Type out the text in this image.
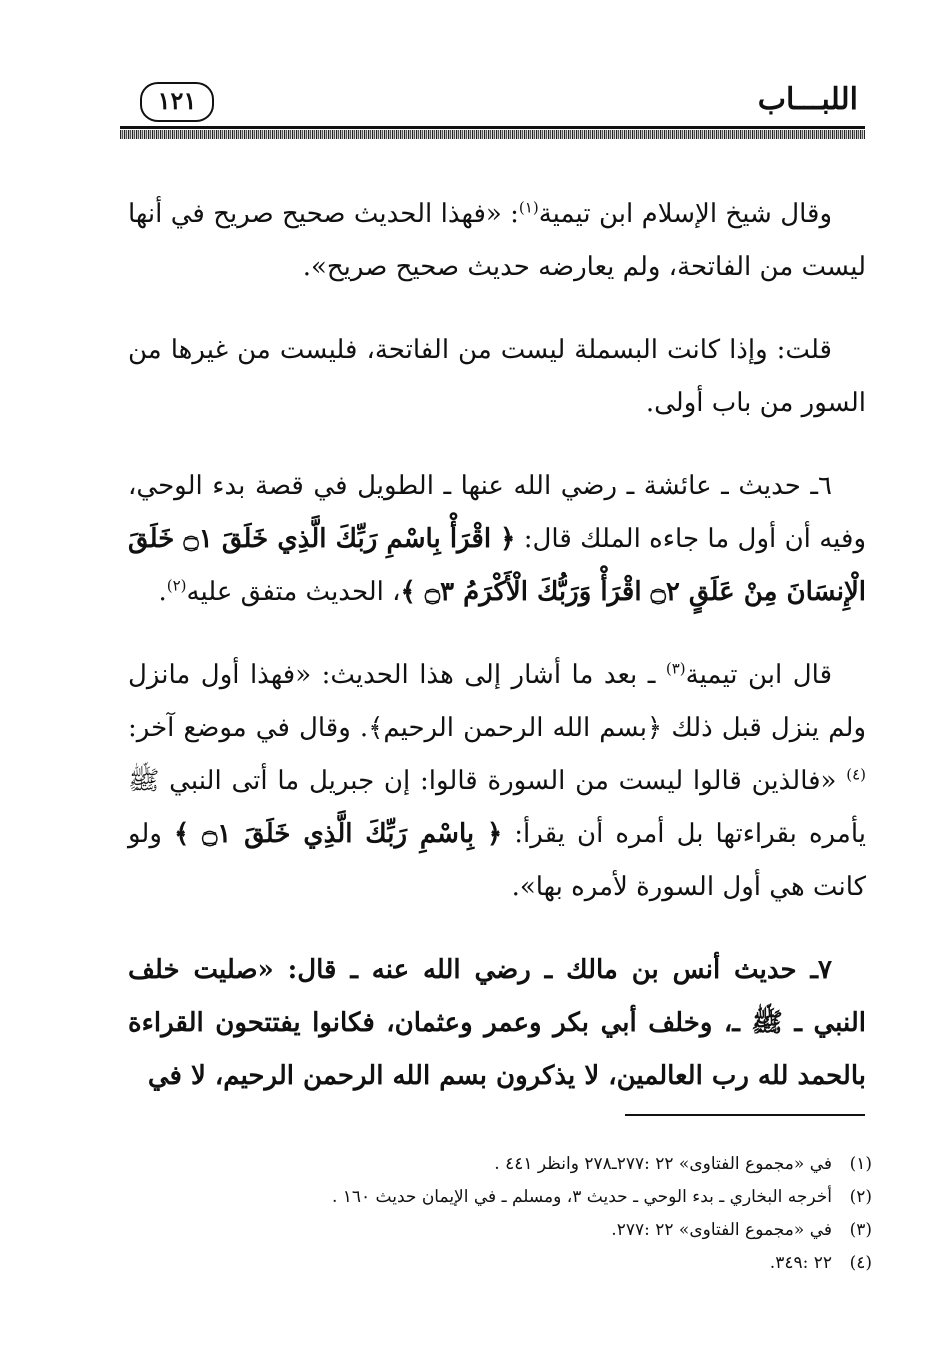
اللبـــاب
١٢١

وقال شيخ الإسلام ابن تيمية$^{(١)}$: «فهذا الحديث صحيح صريح في أنها ليست من الفاتحة، ولم يعارضه حديث صحيح صريح».

قلت: وإذا كانت البسملة ليست من الفاتحة، فليست من غيرها من السور من باب أولى.

٦ـ حديث ـ عائشة ـ رضي الله عنها ـ الطويل في قصة بدء الوحي، وفيه أن أول ما جاءه الملك قال: ﴿ اقْرَأْ بِاسْمِ رَبِّكَ الَّذِي خَلَقَ ۝١ خَلَقَ الْإِنسَانَ مِنْ عَلَقٍ ۝٢ اقْرَأْ وَرَبُّكَ الْأَكْرَمُ ۝٣ ﴾، الحديث متفق عليه$^{(٢)}$.

قال ابن تيمية$^{(٣)}$ ـ بعد ما أشار إلى هذا الحديث: «فهذا أول مانزل ولم ينزل قبل ذلك ﴿بسم الله الرحمن الرحيم﴾. وقال في موضع آخر:$^{(٤)}$ «فالذين قالوا ليست من السورة قالوا: إن جبريل ما أتى النبي ﷺ يأمره بقراءتها بل أمره أن يقرأ: ﴿ بِاسْمِ رَبِّكَ الَّذِي خَلَقَ ۝١ ﴾ ولو كانت هي أول السورة لأمره بها».

٧ـ حديث أنس بن مالك ـ رضي الله عنه ـ قال: «صليت خلف النبي ـ ﷺ ـ، وخلف أبي بكر وعمر وعثمان، فكانوا يفتتحون القراءة بالحمد لله رب العالمين، لا يذكرون بسم الله الرحمن الرحيم، لا في

(١)في «مجموع الفتاوى» ٢٢ :٢٧٧ـ٢٧٨ وانظر ٤٤١ .
(٢)أخرجه البخاري ـ بدء الوحي ـ حديث ٣، ومسلم ـ في الإيمان حديث ١٦٠ .
(٣)في «مجموع الفتاوى» ٢٢ :٢٧٧.
(٤)٢٢ :٣٤٩.
